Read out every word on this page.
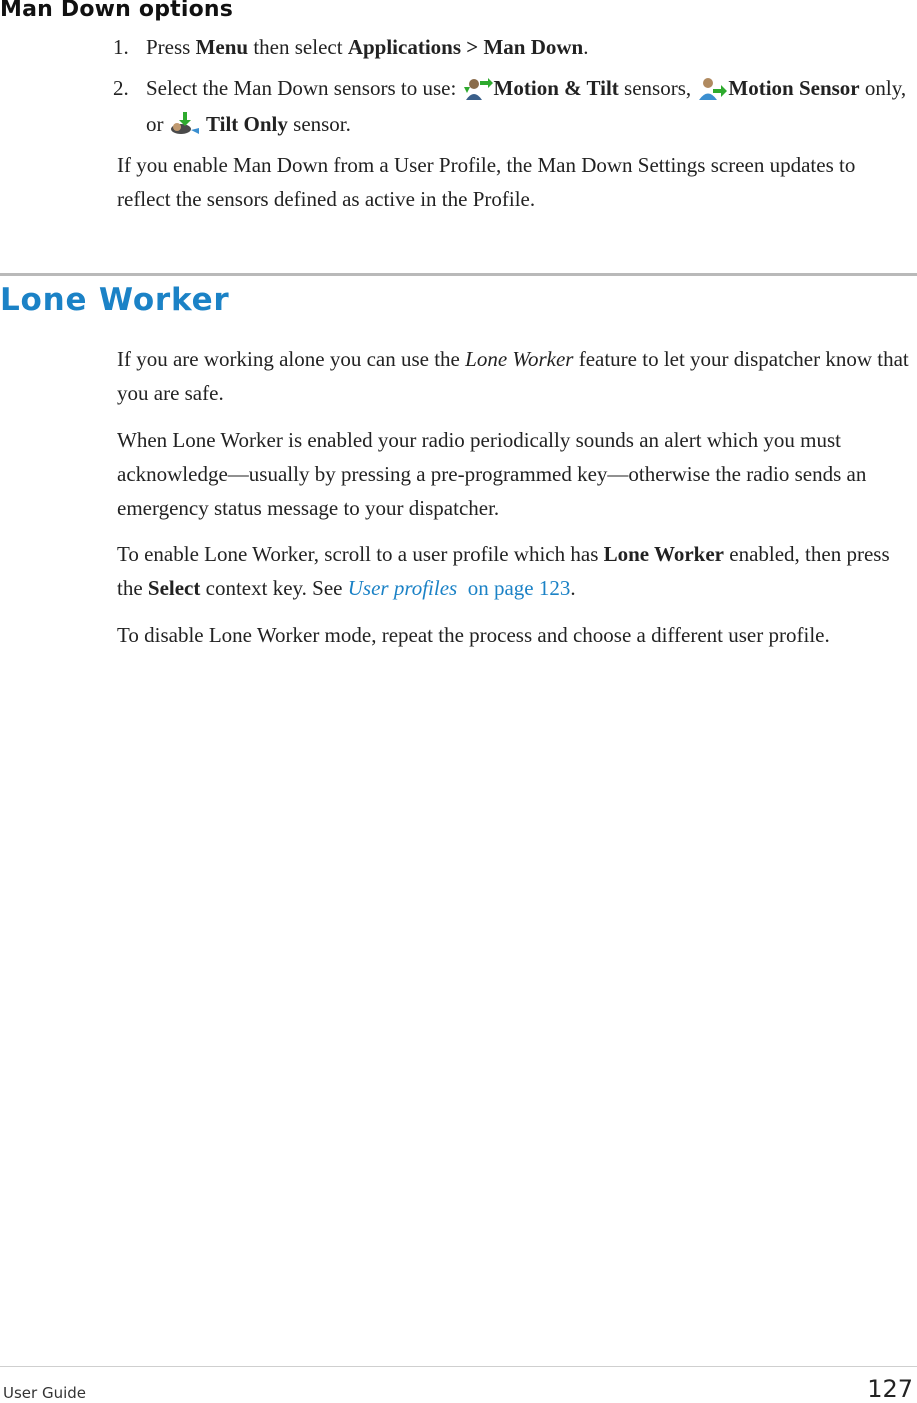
Man Down options
1. Press Menu then select Applications > Man Down.
2. Select the Man Down sensors to use: Motion & Tilt sensors, Motion Sensor only, or  Tilt Only sensor.

If you enable Man Down from a User Profile, the Man Down Settings screen updates to reflect the sensors defined as active in the Profile.

Lone Worker

If you are working alone you can use the Lone Worker feature to let your dispatcher know that you are safe.

When Lone Worker is enabled your radio periodically sounds an alert which you must acknowledge—usually by pressing a pre-programmed key—otherwise the radio sends an emergency status message to your dispatcher.

To enable Lone Worker, scroll to a user profile which has Lone Worker enabled, then press the Select context key. See User profiles  on page 123.

To disable Lone Worker mode, repeat the process and choose a different user profile.

User Guide	127
